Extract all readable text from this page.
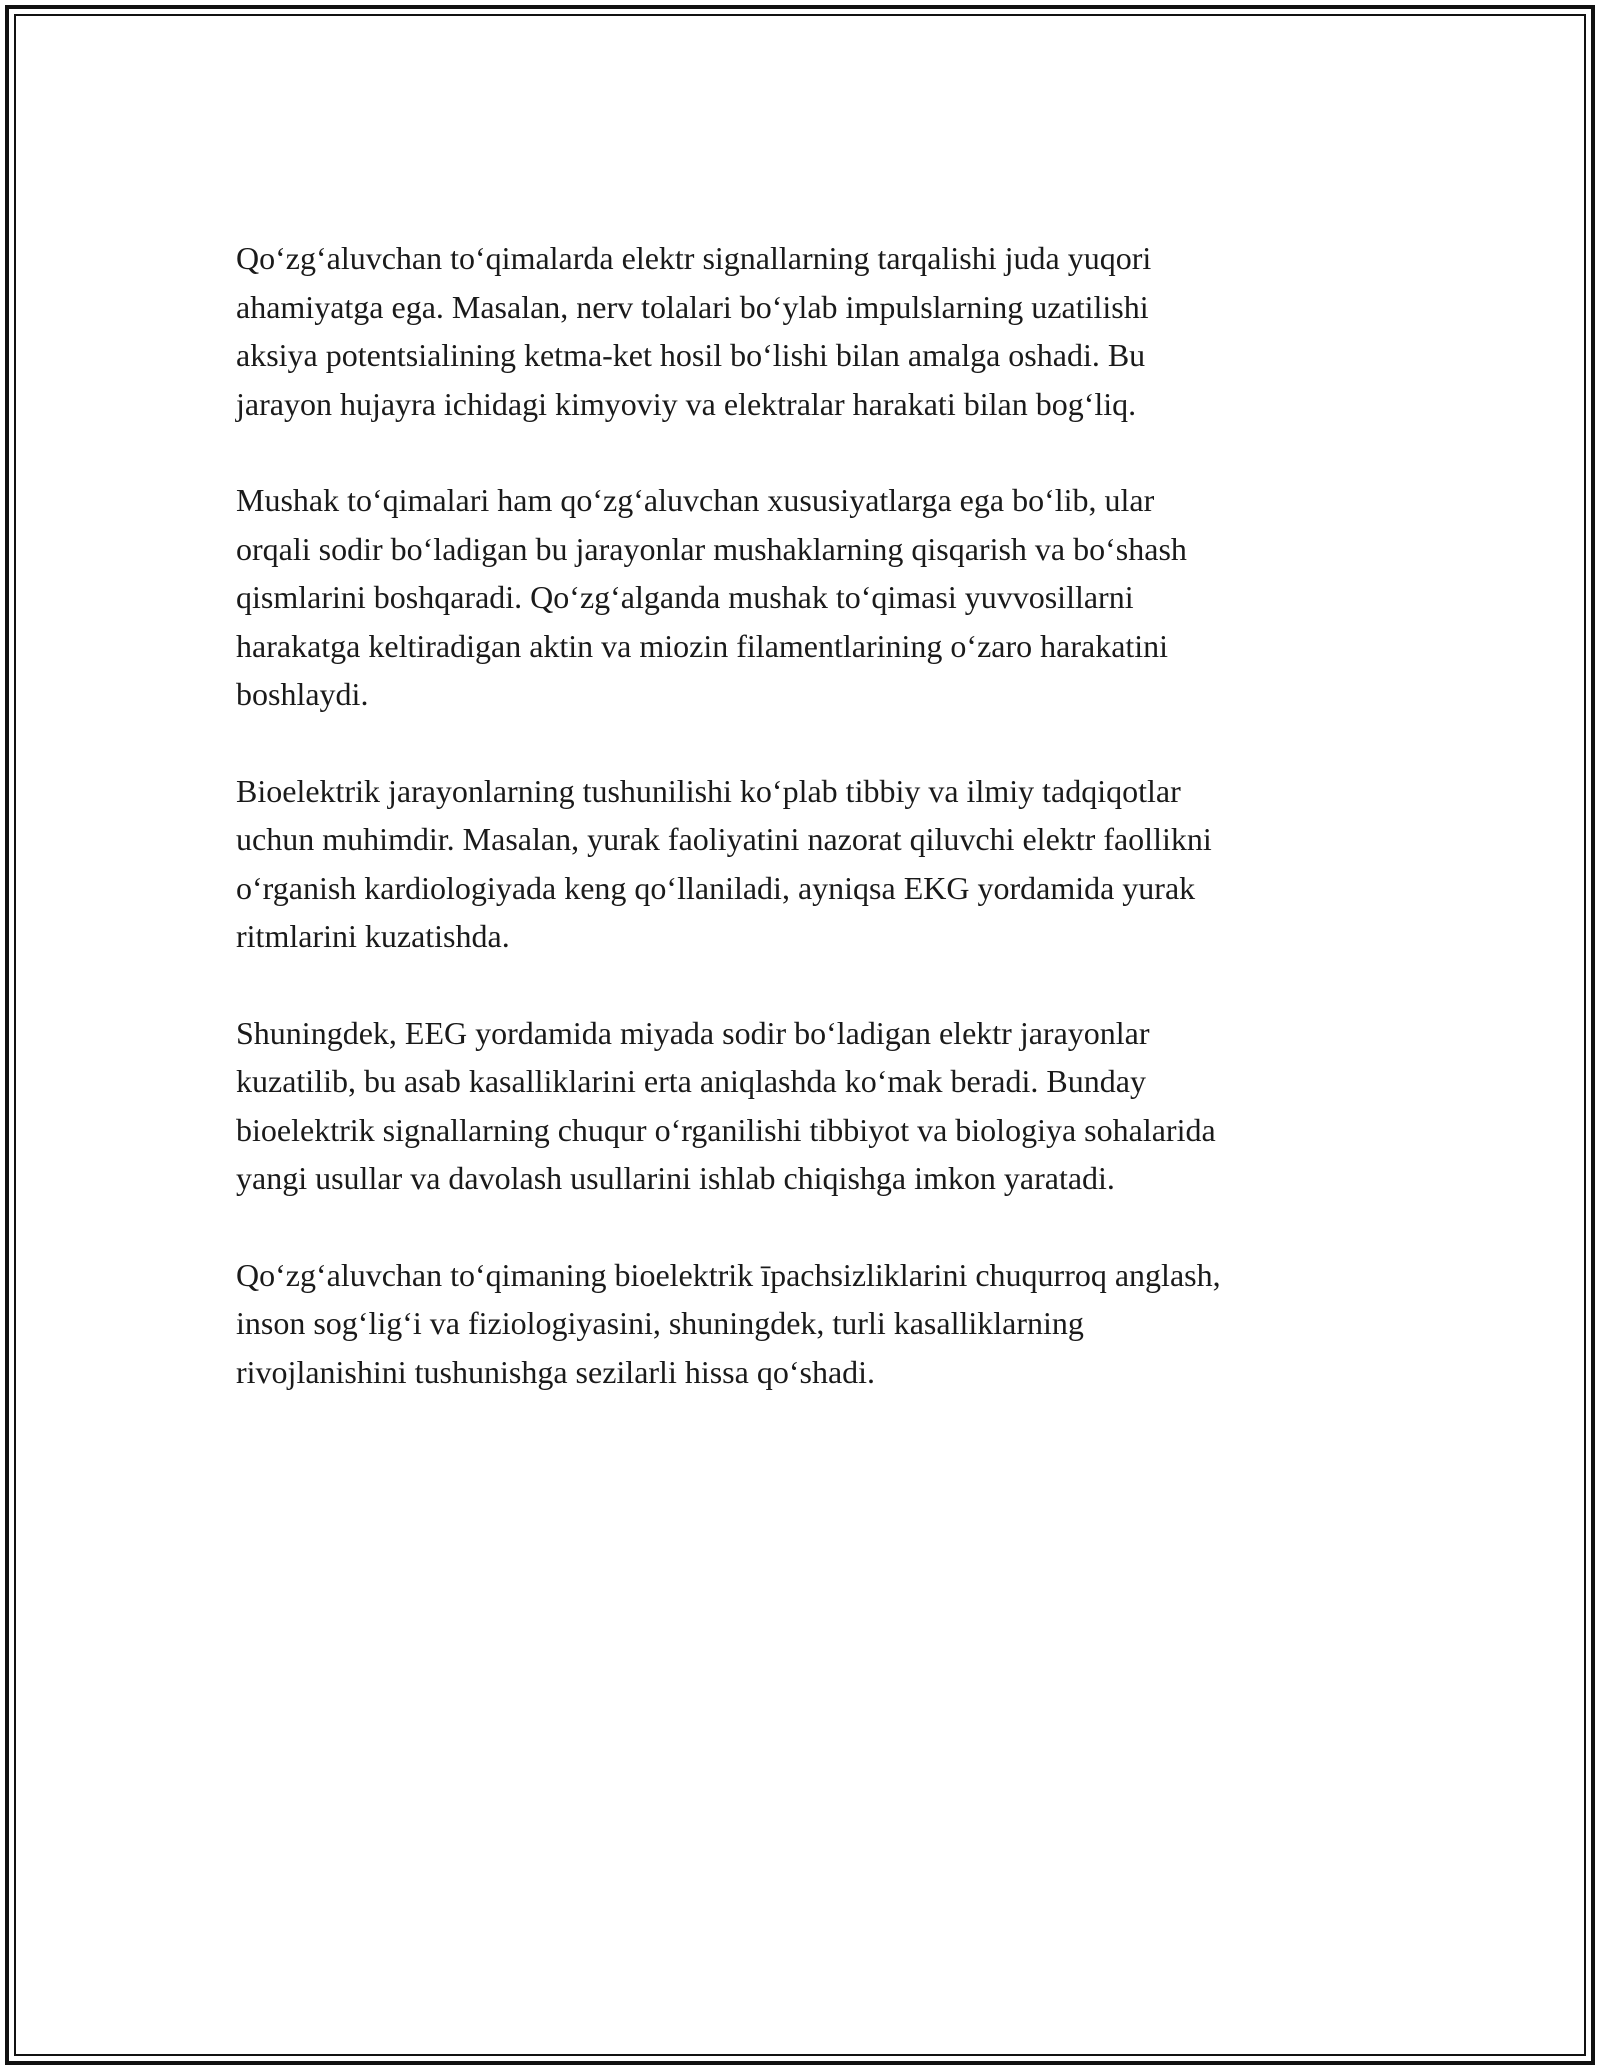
Qo‘zg‘aluvchan to‘qimalarda elektr signallarning tarqalishi juda yuqori
ahamiyatga ega. Masalan, nerv tolalari bo‘ylab impulslarning uzatilishi
aksiya potentsialining ketma-ket hosil bo‘lishi bilan amalga oshadi. Bu
jarayon hujayra ichidagi kimyoviy va elektralar harakati bilan bog‘liq.

Mushak to‘qimalari ham qo‘zg‘aluvchan xususiyatlarga ega bo‘lib, ular
orqali sodir bo‘ladigan bu jarayonlar mushaklarning qisqarish va bo‘shash
qismlarini boshqaradi. Qo‘zg‘alganda mushak to‘qimasi yuvvosillarni
harakatga keltiradigan aktin va miozin filamentlarining o‘zaro harakatini
boshlaydi.

Bioelektrik jarayonlarning tushunilishi ko‘plab tibbiy va ilmiy tadqiqotlar
uchun muhimdir. Masalan, yurak faoliyatini nazorat qiluvchi elektr faollikni
o‘rganish kardiologiyada keng qo‘llaniladi, ayniqsa EKG yordamida yurak
ritmlarini kuzatishda.

Shuningdek, EEG yordamida miyada sodir bo‘ladigan elektr jarayonlar
kuzatilib, bu asab kasalliklarini erta aniqlashda ko‘mak beradi. Bunday
bioelektrik signallarning chuqur o‘rganilishi tibbiyot va biologiya sohalarida
yangi usullar va davolash usullarini ishlab chiqishga imkon yaratadi.

Qo‘zg‘aluvchan to‘qimaning bioelektrik īpachsizliklarini chuqurroq anglash,
inson sog‘lig‘i va fiziologiyasini, shuningdek, turli kasalliklarning
rivojlanishini tushunishga sezilarli hissa qo‘shadi.
